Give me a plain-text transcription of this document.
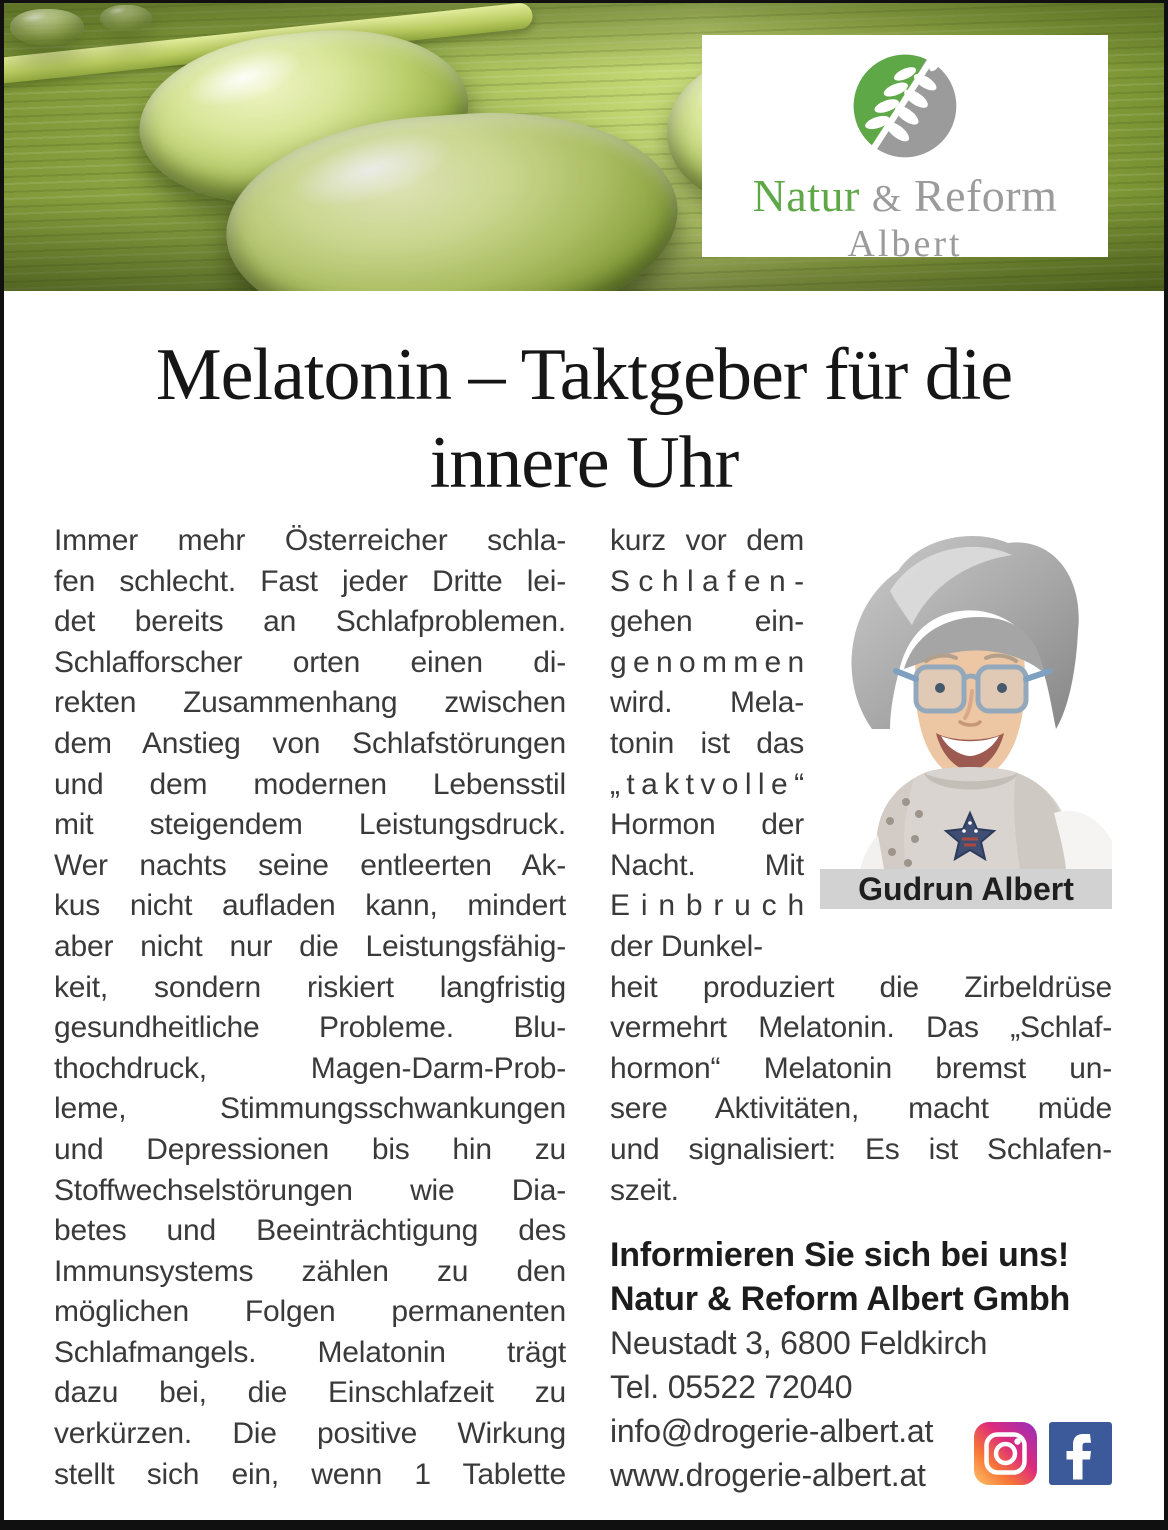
Natur & Reform
Albert
Melatonin – Taktgeber für die
innere Uhr
Immer mehr Österreicher schla-
fen schlecht. Fast jeder Dritte lei-
det bereits an Schlafproblemen.
Schlafforscher orten einen di-
rekten Zusammenhang zwischen
dem Anstieg von Schlafstörungen
und dem modernen Lebensstil
mit steigendem Leistungsdruck.
Wer nachts seine entleerten Ak-
kus nicht aufladen kann, mindert
aber nicht nur die Leistungsfähig-
keit, sondern riskiert langfristig
gesundheitliche Probleme. Blu-
thochdruck, Magen-Darm-Prob-
leme, Stimmungsschwankungen
und Depressionen bis hin zu
Stoffwechselstörungen wie Dia-
betes und Beeinträchtigung des
Immunsystems zählen zu den
möglichen Folgen permanenten
Schlafmangels. Melatonin trägt
dazu bei, die Einschlafzeit zu
verkürzen. Die positive Wirkung
stellt sich ein, wenn 1 Tablette
Gudrun Albert
kurz vor dem
S c h l a f e n -
gehen ein-
g e n o m m e n
wird. Mela-
tonin ist das
„ t a k t v o l l e “
Hormon der
Nacht. Mit
E i n b r u c h
der Dunkel-
heit produziert die Zirbeldrüse
vermehrt Melatonin. Das „Schlaf-
hormon“ Melatonin bremst un-
sere Aktivitäten, macht müde
und signalisiert: Es ist Schlafen-
szeit.
Informieren Sie sich bei uns!
Natur & Reform Albert Gmbh
Neustadt 3, 6800 Feldkirch
Tel. 05522 72040
info@drogerie-albert.at
www.drogerie-albert.at
